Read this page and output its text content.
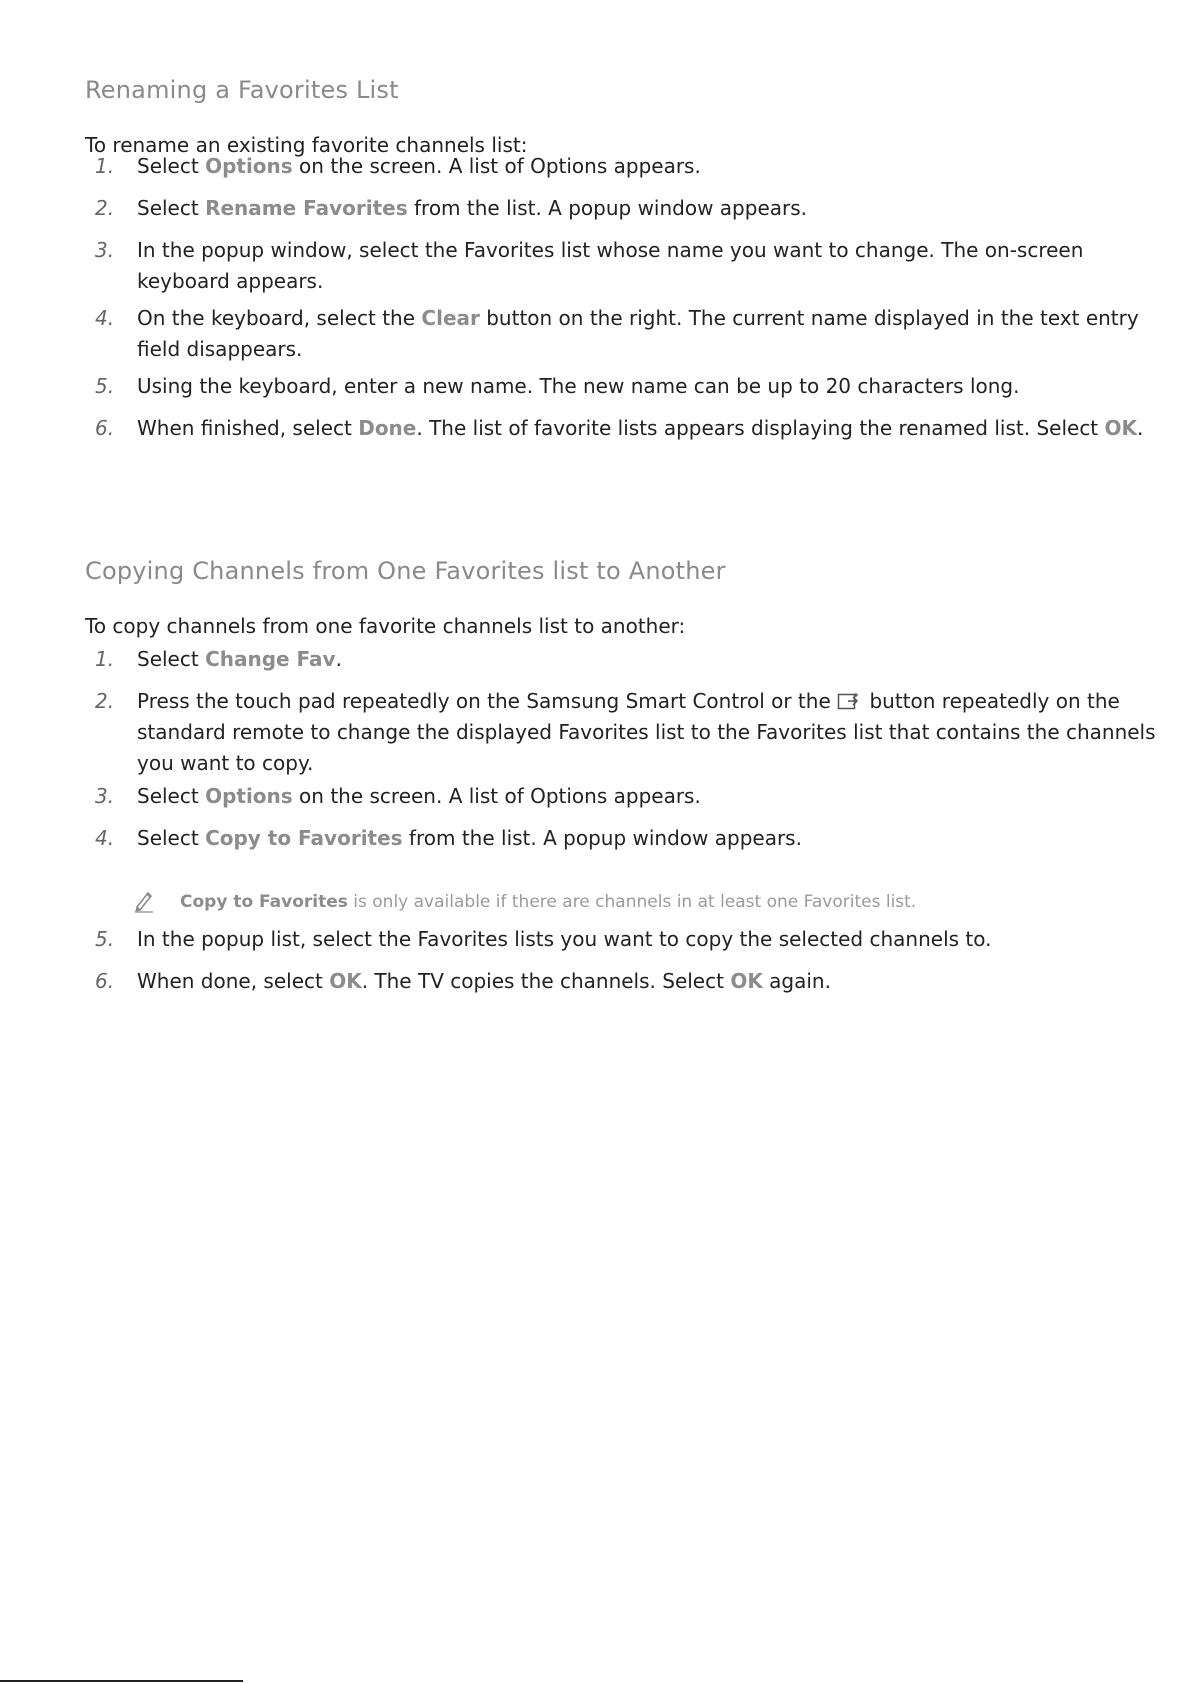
Renaming a Favorites List

To rename an existing favorite channels list:

1. Select Options on the screen. A list of Options appears.
2. Select Rename Favorites from the list. A popup window appears.
3. In the popup window, select the Favorites list whose name you want to change. The on-screen keyboard appears.
4. On the keyboard, select the Clear button on the right. The current name displayed in the text entry field disappears.
5. Using the keyboard, enter a new name. The new name can be up to 20 characters long.
6. When finished, select Done. The list of favorite lists appears displaying the renamed list. Select OK.
Copying Channels from One Favorites list to Another

To copy channels from one favorite channels list to another:

1. Select Change Fav.
2. Press the touch pad repeatedly on the Samsung Smart Control or the  button repeatedly on the standard remote to change the displayed Favorites list to the Favorites list that contains the channels you want to copy.
3. Select Options on the screen. A list of Options appears.
4. Select Copy to Favorites from the list. A popup window appears.
Copy to Favorites is only available if there are channels in at least one Favorites list.
5. In the popup list, select the Favorites lists you want to copy the selected channels to.
6. When done, select OK. The TV copies the channels. Select OK again.
